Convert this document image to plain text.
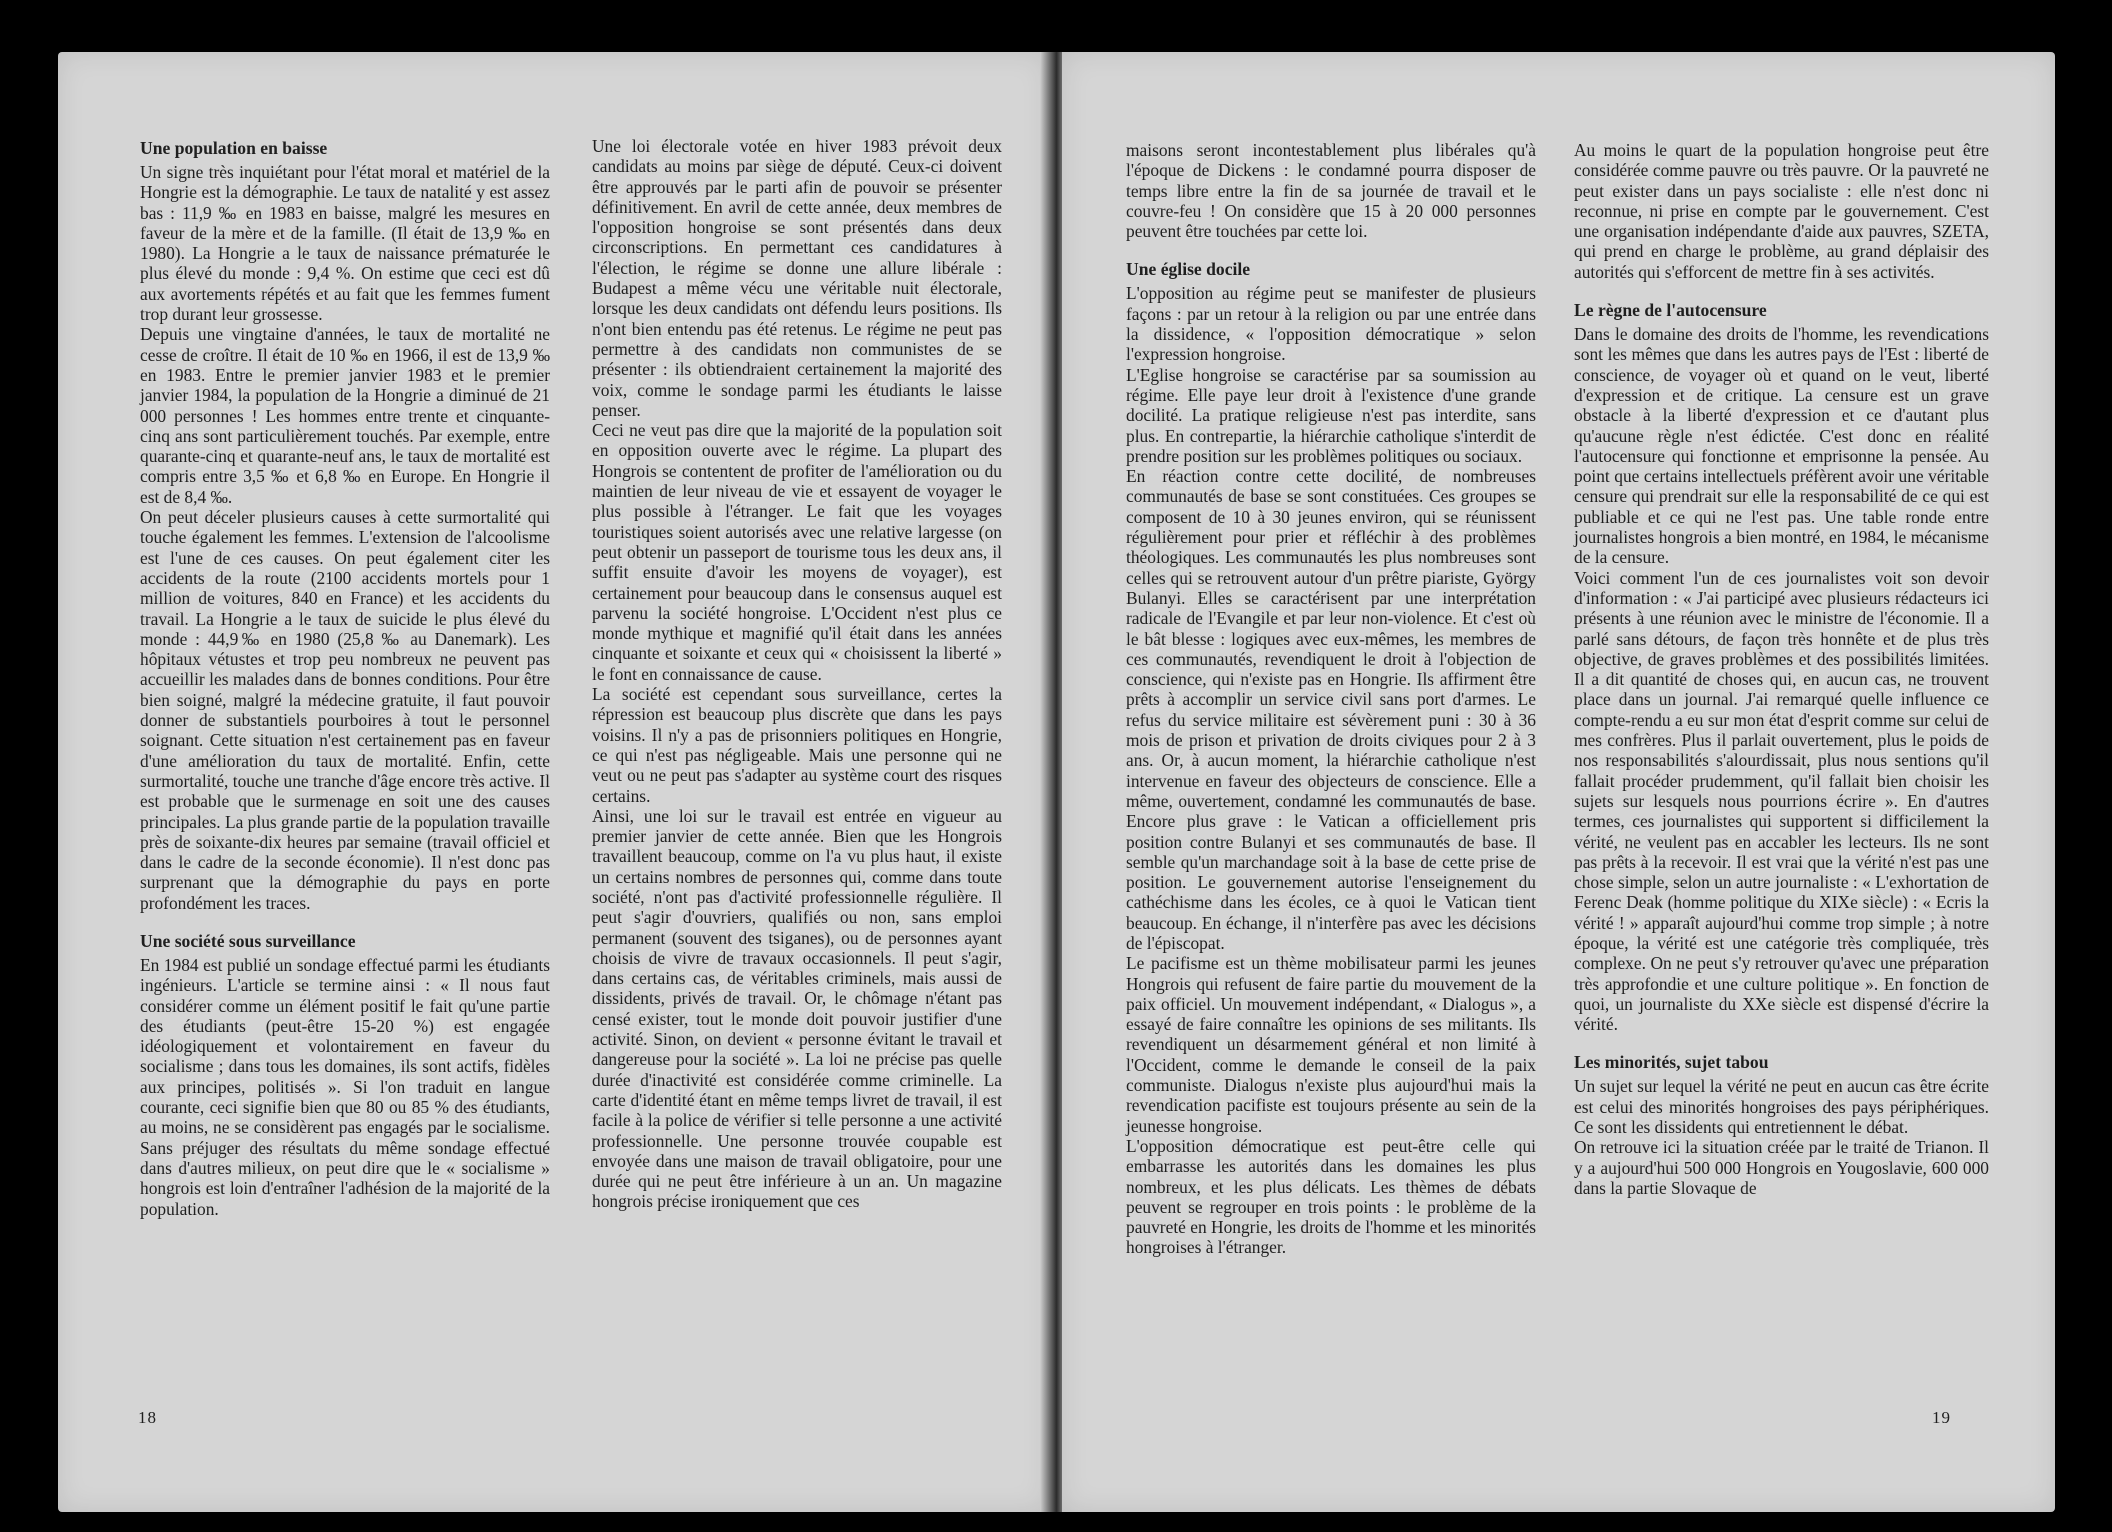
Une population en baisse

Un signe très inquiétant pour l'état moral et matériel de la Hongrie est la démographie. Le taux de natalité y est assez bas : 11,9 ‰ en 1983 en baisse, malgré les mesures en faveur de la mère et de la famille. (Il était de 13,9 ‰ en 1980). La Hongrie a le taux de naissance prématurée le plus élevé du monde : 9,4 %. On estime que ceci est dû aux avortements répétés et au fait que les femmes fument trop durant leur grossesse.

Depuis une vingtaine d'années, le taux de mortalité ne cesse de croître. Il était de 10 ‰ en 1966, il est de 13,9 ‰ en 1983. Entre le premier janvier 1983 et le premier janvier 1984, la population de la Hongrie a diminué de 21 000 personnes ! Les hommes entre trente et cinquante-cinq ans sont particulièrement touchés. Par exemple, entre quarante-cinq et quarante-neuf ans, le taux de mortalité est compris entre 3,5 ‰ et 6,8 ‰ en Europe. En Hongrie il est de 8,4 ‰.

On peut déceler plusieurs causes à cette surmortalité qui touche également les femmes. L'extension de l'alcoolisme est l'une de ces causes. On peut également citer les accidents de la route (2100 accidents mortels pour 1 million de voitures, 840 en France) et les accidents du travail. La Hongrie a le taux de suicide le plus élevé du monde : 44,9‰ en 1980 (25,8 ‰ au Danemark). Les hôpitaux vétustes et trop peu nombreux ne peuvent pas accueillir les malades dans de bonnes conditions. Pour être bien soigné, malgré la médecine gratuite, il faut pouvoir donner de substantiels pourboires à tout le personnel soignant. Cette situation n'est certainement pas en faveur d'une amélioration du taux de mortalité. Enfin, cette surmortalité, touche une tranche d'âge encore très active. Il est probable que le surmenage en soit une des causes principales. La plus grande partie de la population travaille près de soixante-dix heures par semaine (travail officiel et dans le cadre de la seconde économie). Il n'est donc pas surprenant que la démographie du pays en porte profondément les traces.

Une société sous surveillance

En 1984 est publié un sondage effectué parmi les étudiants ingénieurs. L'article se termine ainsi : « Il nous faut considérer comme un élément positif le fait qu'une partie des étudiants (peut-être 15-20 %) est engagée idéologiquement et volontairement en faveur du socialisme ; dans tous les domaines, ils sont actifs, fidèles aux principes, politisés ». Si l'on traduit en langue courante, ceci signifie bien que 80 ou 85 % des étudiants, au moins, ne se considèrent pas engagés par le socialisme. Sans préjuger des résultats du même sondage effectué dans d'autres milieux, on peut dire que le « socialisme » hongrois est loin d'entraîner l'adhésion de la majorité de la population.

Une loi électorale votée en hiver 1983 prévoit deux candidats au moins par siège de député. Ceux-ci doivent être approuvés par le parti afin de pouvoir se présenter définitivement. En avril de cette année, deux membres de l'opposition hongroise se sont présentés dans deux circonscriptions. En permettant ces candidatures à l'élection, le régime se donne une allure libérale : Budapest a même vécu une véritable nuit électorale, lorsque les deux candidats ont défendu leurs positions. Ils n'ont bien entendu pas été retenus. Le régime ne peut pas permettre à des candidats non communistes de se présenter : ils obtiendraient certainement la majorité des voix, comme le sondage parmi les étudiants le laisse penser.

Ceci ne veut pas dire que la majorité de la population soit en opposition ouverte avec le régime. La plupart des Hongrois se contentent de profiter de l'amélioration ou du maintien de leur niveau de vie et essayent de voyager le plus possible à l'étranger. Le fait que les voyages touristiques soient autorisés avec une relative largesse (on peut obtenir un passeport de tourisme tous les deux ans, il suffit ensuite d'avoir les moyens de voyager), est certainement pour beaucoup dans le consensus auquel est parvenu la société hongroise. L'Occident n'est plus ce monde mythique et magnifié qu'il était dans les années cinquante et soixante et ceux qui « choisissent la liberté » le font en connaissance de cause.

La société est cependant sous surveillance, certes la répression est beaucoup plus discrète que dans les pays voisins. Il n'y a pas de prisonniers politiques en Hongrie, ce qui n'est pas négligeable. Mais une personne qui ne veut ou ne peut pas s'adapter au système court des risques certains.

Ainsi, une loi sur le travail est entrée en vigueur au premier janvier de cette année. Bien que les Hongrois travaillent beaucoup, comme on l'a vu plus haut, il existe un certains nombres de personnes qui, comme dans toute société, n'ont pas d'activité professionnelle régulière. Il peut s'agir d'ouvriers, qualifiés ou non, sans emploi permanent (souvent des tsiganes), ou de personnes ayant choisis de vivre de travaux occasionnels. Il peut s'agir, dans certains cas, de véritables criminels, mais aussi de dissidents, privés de travail. Or, le chômage n'étant pas censé exister, tout le monde doit pouvoir justifier d'une activité. Sinon, on devient « personne évitant le travail et dangereuse pour la société ». La loi ne précise pas quelle durée d'inactivité est considérée comme criminelle. La carte d'identité étant en même temps livret de travail, il est facile à la police de vérifier si telle personne a une activité professionnelle. Une personne trouvée coupable est envoyée dans une maison de travail obligatoire, pour une durée qui ne peut être inférieure à un an. Un magazine hongrois précise ironiquement que ces

18

maisons seront incontestablement plus libérales qu'à l'époque de Dickens : le condamné pourra disposer de temps libre entre la fin de sa journée de travail et le couvre-feu ! On considère que 15 à 20 000 personnes peuvent être touchées par cette loi.

Une église docile

L'opposition au régime peut se manifester de plusieurs façons : par un retour à la religion ou par une entrée dans la dissidence, « l'opposition démocratique » selon l'expression hongroise.

L'Eglise hongroise se caractérise par sa soumission au régime. Elle paye leur droit à l'existence d'une grande docilité. La pratique religieuse n'est pas interdite, sans plus. En contrepartie, la hiérarchie catholique s'interdit de prendre position sur les problèmes politiques ou sociaux.

En réaction contre cette docilité, de nombreuses communautés de base se sont constituées. Ces groupes se composent de 10 à 30 jeunes environ, qui se réunissent régulièrement pour prier et réfléchir à des problèmes théologiques. Les communautés les plus nombreuses sont celles qui se retrouvent autour d'un prêtre piariste, György Bulanyi. Elles se caractérisent par une interprétation radicale de l'Evangile et par leur non-violence. Et c'est où le bât blesse : logiques avec eux-mêmes, les membres de ces communautés, revendiquent le droit à l'objection de conscience, qui n'existe pas en Hongrie. Ils affirment être prêts à accomplir un service civil sans port d'armes. Le refus du service militaire est sévèrement puni : 30 à 36 mois de prison et privation de droits civiques pour 2 à 3 ans. Or, à aucun moment, la hiérarchie catholique n'est intervenue en faveur des objecteurs de conscience. Elle a même, ouvertement, condamné les communautés de base. Encore plus grave : le Vatican a officiellement pris position contre Bulanyi et ses communautés de base. Il semble qu'un marchandage soit à la base de cette prise de position. Le gouvernement autorise l'enseignement du cathéchisme dans les écoles, ce à quoi le Vatican tient beaucoup. En échange, il n'interfère pas avec les décisions de l'épiscopat.

Le pacifisme est un thème mobilisateur parmi les jeunes Hongrois qui refusent de faire partie du mouvement de la paix officiel. Un mouvement indépendant, « Dialogus », a essayé de faire connaître les opinions de ses militants. Ils revendiquent un désarmement général et non limité à l'Occident, comme le demande le conseil de la paix communiste. Dialogus n'existe plus aujourd'hui mais la revendication pacifiste est toujours présente au sein de la jeunesse hongroise.

L'opposition démocratique est peut-être celle qui embarrasse les autorités dans les domaines les plus nombreux, et les plus délicats. Les thèmes de débats peuvent se regrouper en trois points : le problème de la pauvreté en Hongrie, les droits de l'homme et les minorités hongroises à l'étranger.

Au moins le quart de la population hongroise peut être considérée comme pauvre ou très pauvre. Or la pauvreté ne peut exister dans un pays socialiste : elle n'est donc ni reconnue, ni prise en compte par le gouvernement. C'est une organisation indépendante d'aide aux pauvres, SZETA, qui prend en charge le problème, au grand déplaisir des autorités qui s'efforcent de mettre fin à ses activités.

Le règne de l'autocensure

Dans le domaine des droits de l'homme, les revendications sont les mêmes que dans les autres pays de l'Est : liberté de conscience, de voyager où et quand on le veut, liberté d'expression et de critique. La censure est un grave obstacle à la liberté d'expression et ce d'autant plus qu'aucune règle n'est édictée. C'est donc en réalité l'autocensure qui fonctionne et emprisonne la pensée. Au point que certains intellectuels préfèrent avoir une véritable censure qui prendrait sur elle la responsabilité de ce qui est publiable et ce qui ne l'est pas. Une table ronde entre journalistes hongrois a bien montré, en 1984, le mécanisme de la censure.

Voici comment l'un de ces journalistes voit son devoir d'information : « J'ai participé avec plusieurs rédacteurs ici présents à une réunion avec le ministre de l'économie. Il a parlé sans détours, de façon très honnête et de plus très objective, de graves problèmes et des possibilités limitées. Il a dit quantité de choses qui, en aucun cas, ne trouvent place dans un journal. J'ai remarqué quelle influence ce compte-rendu a eu sur mon état d'esprit comme sur celui de mes confrères. Plus il parlait ouvertement, plus le poids de nos responsabilités s'alourdissait, plus nous sentions qu'il fallait procéder prudemment, qu'il fallait bien choisir les sujets sur lesquels nous pourrions écrire ». En d'autres termes, ces journalistes qui supportent si difficilement la vérité, ne veulent pas en accabler les lecteurs. Ils ne sont pas prêts à la recevoir. Il est vrai que la vérité n'est pas une chose simple, selon un autre journaliste : « L'exhortation de Ferenc Deak (homme politique du XIXe siècle) : « Ecris la vérité ! » apparaît aujourd'hui comme trop simple ; à notre époque, la vérité est une catégorie très compliquée, très complexe. On ne peut s'y retrouver qu'avec une préparation très approfondie et une culture politique ». En fonction de quoi, un journaliste du XXe siècle est dispensé d'écrire la vérité.

Les minorités, sujet tabou

Un sujet sur lequel la vérité ne peut en aucun cas être écrite est celui des minorités hongroises des pays périphériques. Ce sont les dissidents qui entretiennent le débat.

On retrouve ici la situation créée par le traité de Trianon. Il y a aujourd'hui 500 000 Hongrois en Yougoslavie, 600 000 dans la partie Slovaque de

19
